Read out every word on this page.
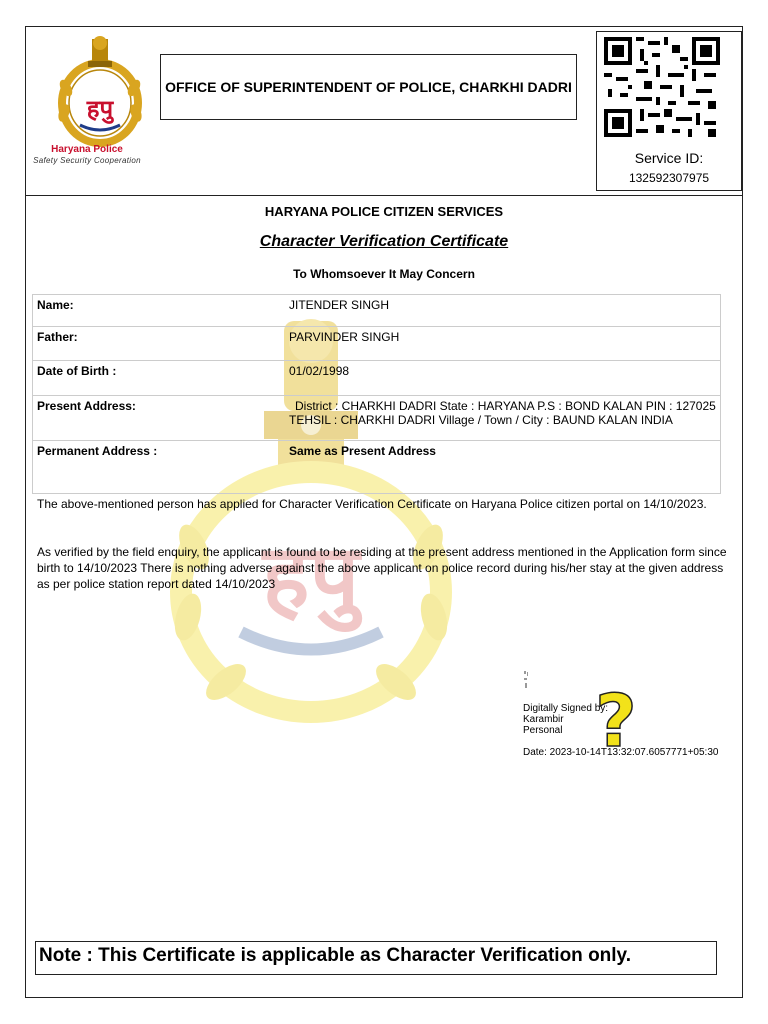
हपु
Haryana Police
Safety Security Cooperation
OFFICE OF SUPERINTENDENT OF POLICE, CHARKHI DADRI
Service ID:
132592307975
हपु
HARYANA POLICE CITIZEN SERVICES
Character Verification Certificate
To Whomsoever It May Concern
Name:	JITENDER SINGH
Father:	PARVINDER SINGH
Date of Birth :	01/02/1998
Present Address:	District : CHARKHI DADRI State : HARYANA P.S : BOND KALAN PIN : 127025
TEHSIL : CHARKHI DADRI Village / Town / City : BAUND KALAN INDIA
Permanent Address :	Same as Present Address
The above-mentioned person has applied for Character Verification Certificate on Haryana Police citizen portal on 14/10/2023.
As verified by the field enquiry, the applicant is found to be residing at the present address mentioned in the Application form since birth to 14/10/2023 There is nothing adverse against the above applicant on police record during his/her stay at the given address as per police station report dated 14/10/2023
Digitally Signed by:
Karambir
Personal
Date: 2023-10-14T13:32:07.6057771+05:30
?
Note : This Certificate is applicable as Character Verification only.
